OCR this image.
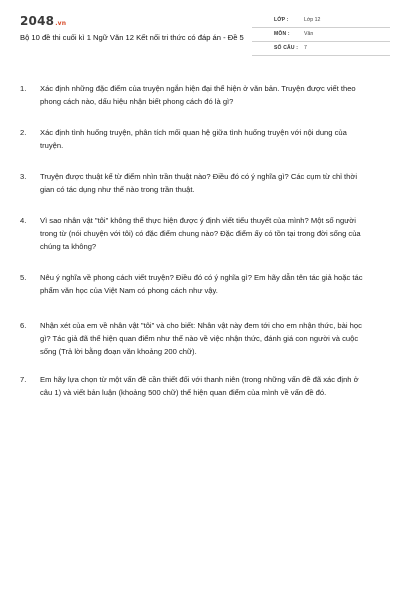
2048.vn
Bộ 10 đề thi cuối kì 1 Ngữ Văn 12 Kết nối tri thức có đáp án - Đề 5
LỚP :	Lớp 12
MÔN :	Văn
SỐ CÂU : 7
1. Xác định những đặc điểm của truyện ngắn hiện đại thể hiện ở văn bản. Truyện được viết theo phong cách nào, dấu hiệu nhận biết phong cách đó là gì?
2. Xác định tình huống truyện, phân tích mối quan hệ giữa tình huống truyện với nội dung của truyện.
3. Truyện được thuật kể từ điểm nhìn trần thuật nào? Điều đó có ý nghĩa gì? Các cụm từ chỉ thời gian có tác dụng như thế nào trong trần thuật.
4. Vì sao nhân vật "tôi" không thể thực hiện được ý định viết tiểu thuyết của mình? Một số người trong từ (nói chuyện với tôi) có đặc điểm chung nào? Đặc điểm ấy có tồn tại trong đời sống của chúng ta không?
5. Nêu ý nghĩa về phong cách viết truyện? Điều đó có ý nghĩa gì? Em hãy dẫn tên tác giả hoặc tác phẩm văn học của Việt Nam có phong cách như vậy.
6. Nhận xét của em về nhân vật "tôi" và cho biết: Nhân vật này đem tới cho em nhận thức, bài học gì? Tác giả đã thể hiện quan điểm như thế nào về việc nhận thức, đánh giá con người và cuộc sống (Trả lời bằng đoạn văn khoảng 200 chữ).
7. Em hãy lựa chọn từ một vấn đề cần thiết đối với thanh niên (trong những vấn đề đã xác định ở câu 1) và viết bản luận (khoảng 500 chữ) thể hiện quan điểm của mình về vấn đề đó.
